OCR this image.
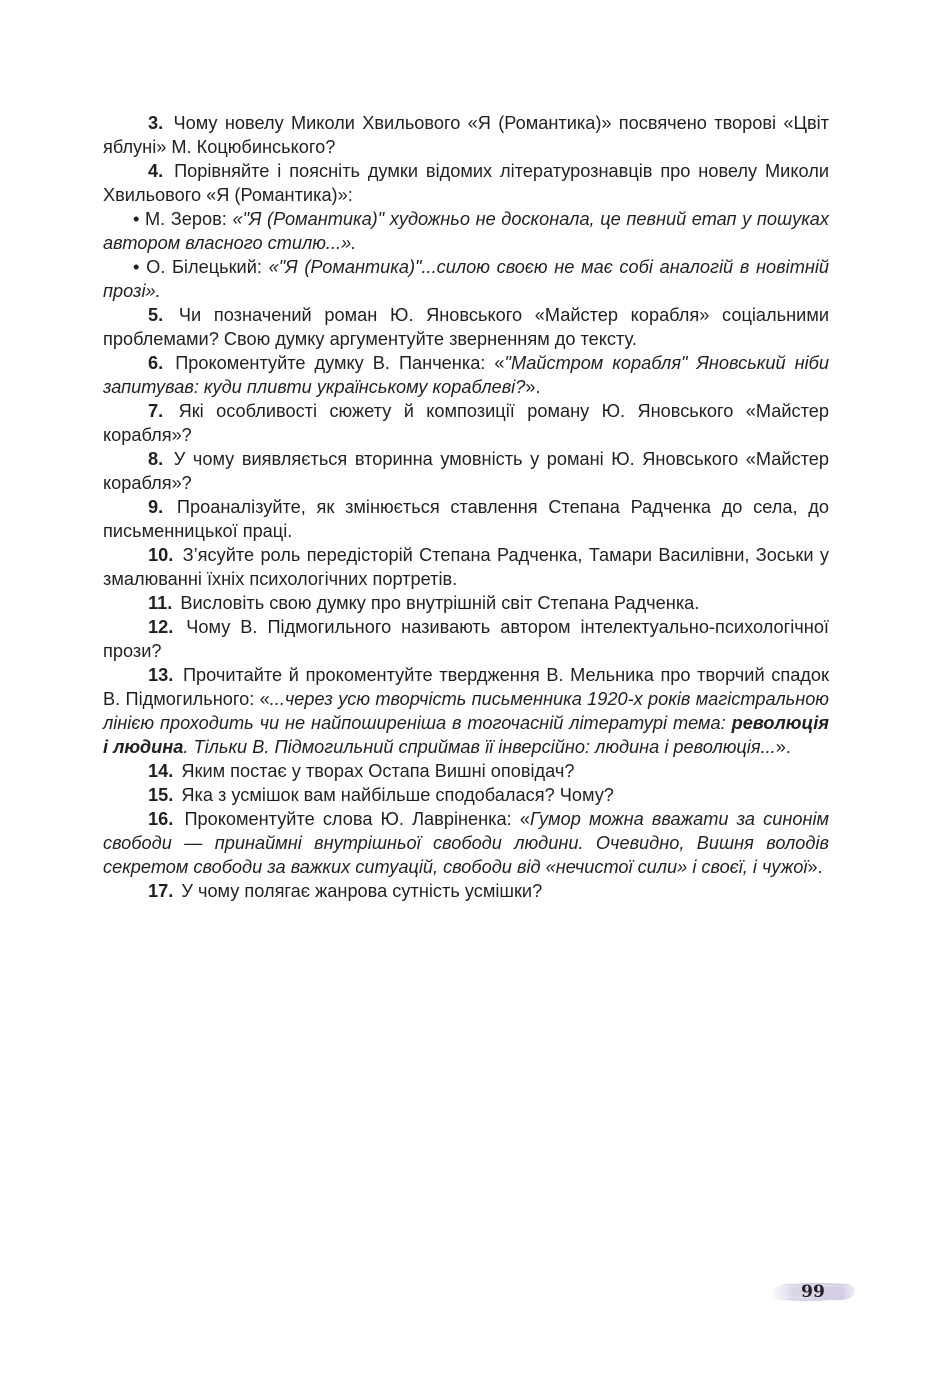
3. Чому новелу Миколи Хвильового «Я (Романтика)» посвячено творові «Цвіт яблуні» М. Коцюбинського?

4. Порівняйте і поясніть думки відомих літературознавців про новелу Миколи Хвильового «Я (Романтика)»:

• М. Зеров: «"Я (Романтика)" художньо не досконала, це певний етап у пошуках автором власного стилю...».

• О. Білецький: «"Я (Романтика)"...силою своєю не має собі аналогій в новітній прозі».

5. Чи позначений роман Ю. Яновського «Майстер корабля» соціальними проблемами? Свою думку аргументуйте зверненням до тексту.

6. Прокоментуйте думку В. Панченка: «"Майстром корабля" Яновський ніби запитував: куди пливти українському кораблеві?».

7. Які особливості сюжету й композиції роману Ю. Яновського «Майстер корабля»?

8. У чому виявляється вторинна умовність у романі Ю. Яновського «Майстер корабля»?

9. Проаналізуйте, як змінюється ставлення Степана Радченка до села, до письменницької праці.

10. З’ясуйте роль передісторій Степана Радченка, Тамари Василівни, Зоськи у змалюванні їхніх психологічних портретів.

11. Висловіть свою думку про внутрішній світ Степана Радченка.

12. Чому В. Підмогильного називають автором інтелектуально-психологічної прози?

13. Прочитайте й прокоментуйте твердження В. Мельника про творчий спадок В. Підмогильного: «...через усю творчість письменника 1920-х років магістральною лінією проходить чи не найпоширеніша в тогочасній літературі тема: революція і людина. Тільки В. Підмогильний сприймав її інверсійно: людина і революція...».

14. Яким постає у творах Остапа Вишні оповідач?

15. Яка з усмішок вам найбільше сподобалася? Чому?

16. Прокоментуйте слова Ю. Лавріненка: «Гумор можна вважати за синонім свободи — принаймні внутрішньої свободи людини. Очевидно, Вишня володів секретом свободи за важких ситуацій, свободи від «нечистої сили» і своєї, і чужої».

17. У чому полягає жанрова сутність усмішки?

99
